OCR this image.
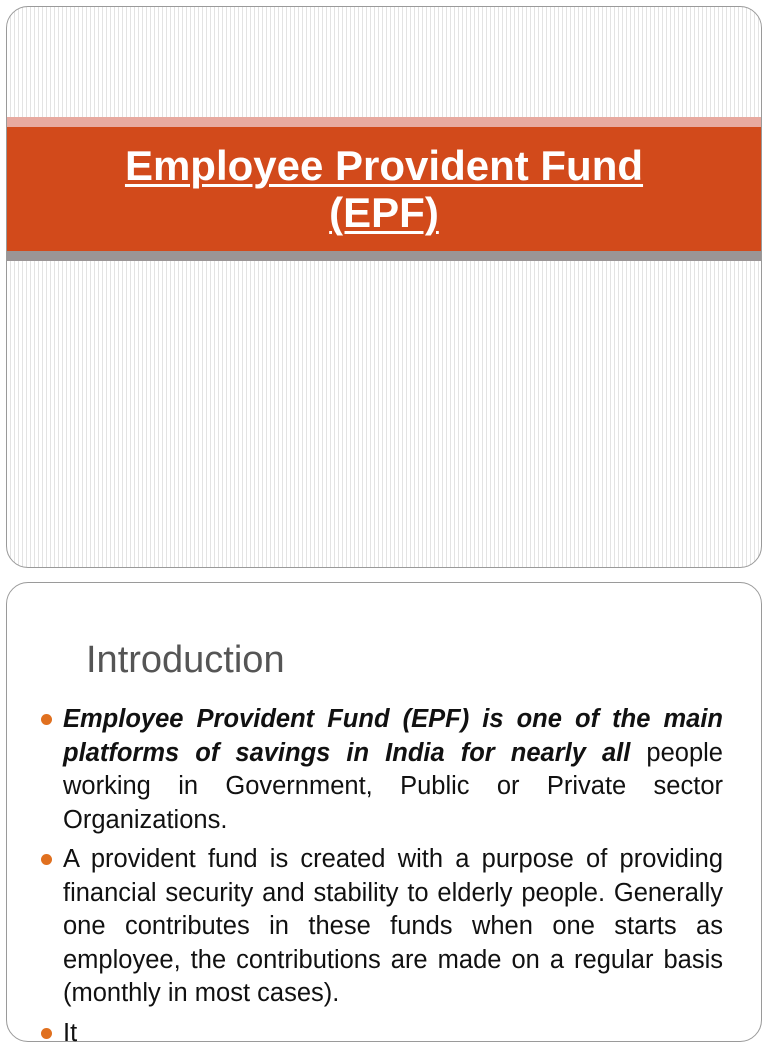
Employee Provident Fund
(EPF)
Introduction
Employee Provident Fund (EPF) is one of the main platforms of savings in India for nearly all people working in Government, Public or Private sector Organizations.
A provident fund is created with a purpose of providing financial security and stability to elderly people. Generally one contributes in these funds when one starts as employee, the contributions are made on a regular basis (monthly in most cases).
It
